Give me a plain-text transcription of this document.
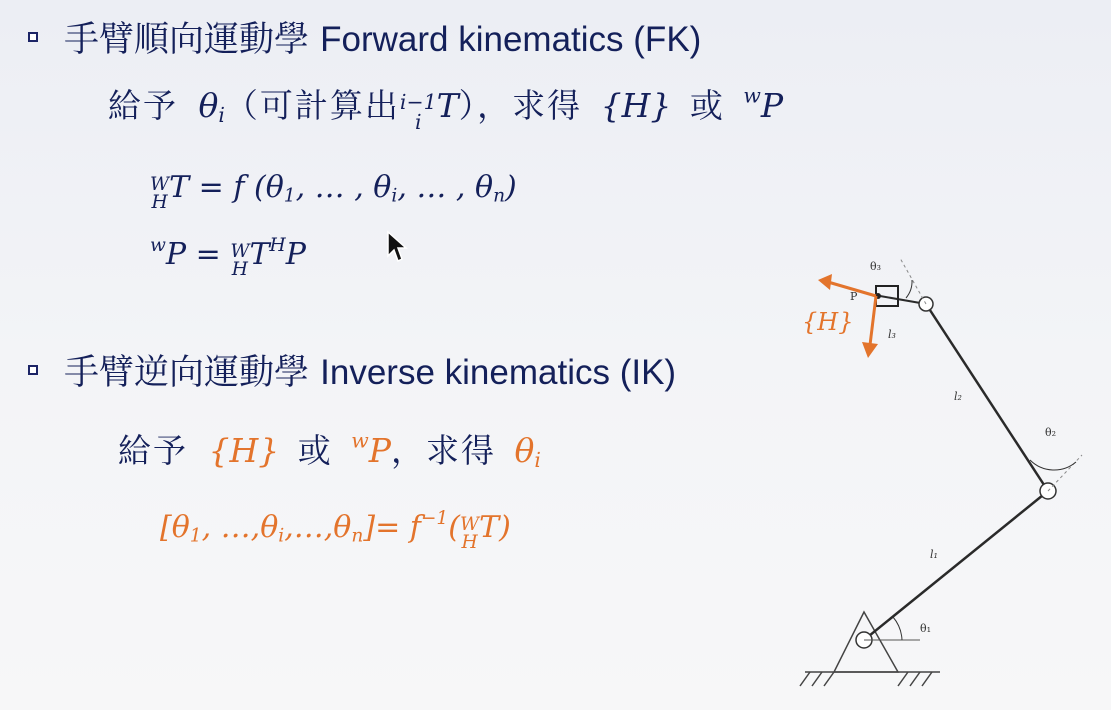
手臂順向運動學 Forward kinematics (FK)
給予 θi（可計算出 i−1
i T），求得 {H} 或 $^w$P
W
H T = f (θ1, … , θi, … , θn)
$^w$P = W
H $T^HP$
手臂逆向運動學 Inverse kinematics (IK)
給予 {H} 或 $^w$P，求得 θi
[θ1, …,θi,…,θn]= $f^{-1}$( W
H T)
{H}
P
θ₁
θ₂
θ₃
l₁
l₂
l₃
